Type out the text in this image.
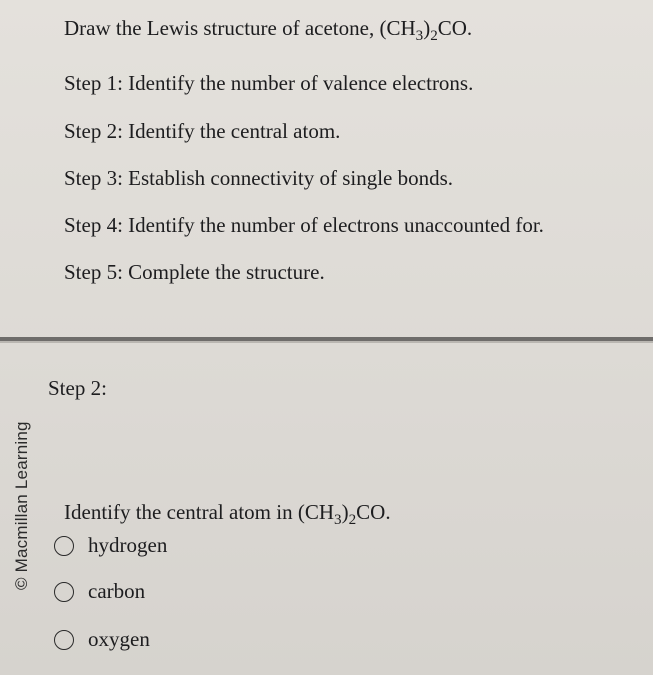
Draw the Lewis structure of acetone, $(CH_3)_2CO$.

Step 1: Identify the number of valence electrons.

Step 2: Identify the central atom.

Step 3: Establish connectivity of single bonds.

Step 4: Identify the number of electrons unaccounted for.

Step 5: Complete the structure.

© Macmillan Learning
Step 2:
Identify the central atom in $(CH_3)_2CO$.
hydrogen
carbon
oxygen
